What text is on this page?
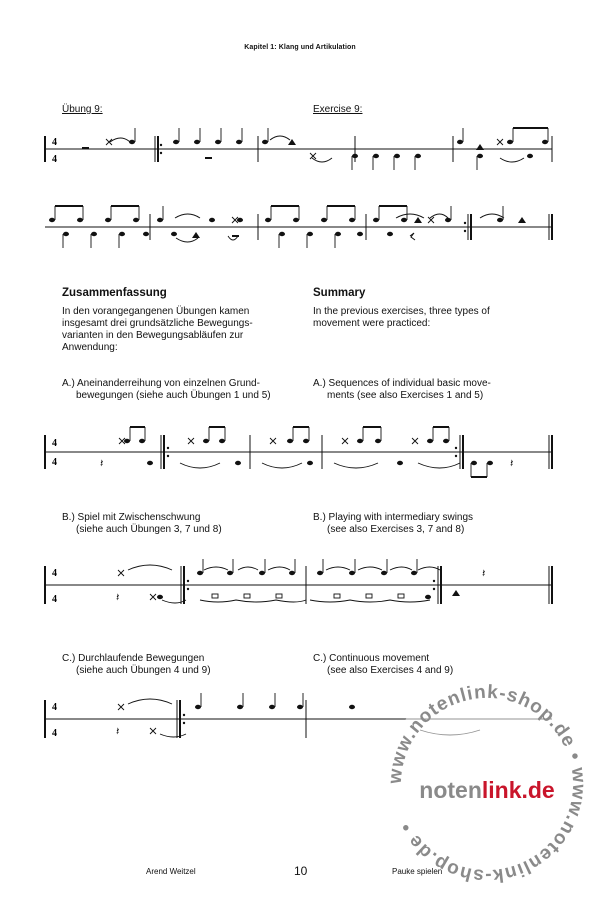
Kapitel 1: Klang und Artikulation
Übung 9:	Exercise 9:
4
4
Zusammenfassung	Summary
In den vorangegangenen Übungen kamen
insgesamt drei grundsätzliche Bewegungs-
varianten in den Bewegungsabläufen zur
Anwendung:
In the previous exercises, three types of
movement were practiced:
A.) Aneinanderreihung von einzelnen Grund-
bewegungen (siehe auch Übungen 1 und 5)
A.) Sequences of individual basic move-
ments (see also Exercises 1 and 5)
4
4	𝄽	𝄽
B.) Spiel mit Zwischenschwung
(siehe auch Übungen 3, 7 und 8)
B.) Playing with intermediary swings
(see also Exercises 3, 7 and 8)
4
4	𝄽
𝄽
C.) Durchlaufende Bewegungen
(siehe auch Übungen 4 und 9)
C.) Continuous movement
(see also Exercises 4 and 9)
4
4	𝄽
www.notenlink-shop.de • www.notenlink-shop.de •
notenlink.de
Arend Weitzel	10	Pauke spielen
